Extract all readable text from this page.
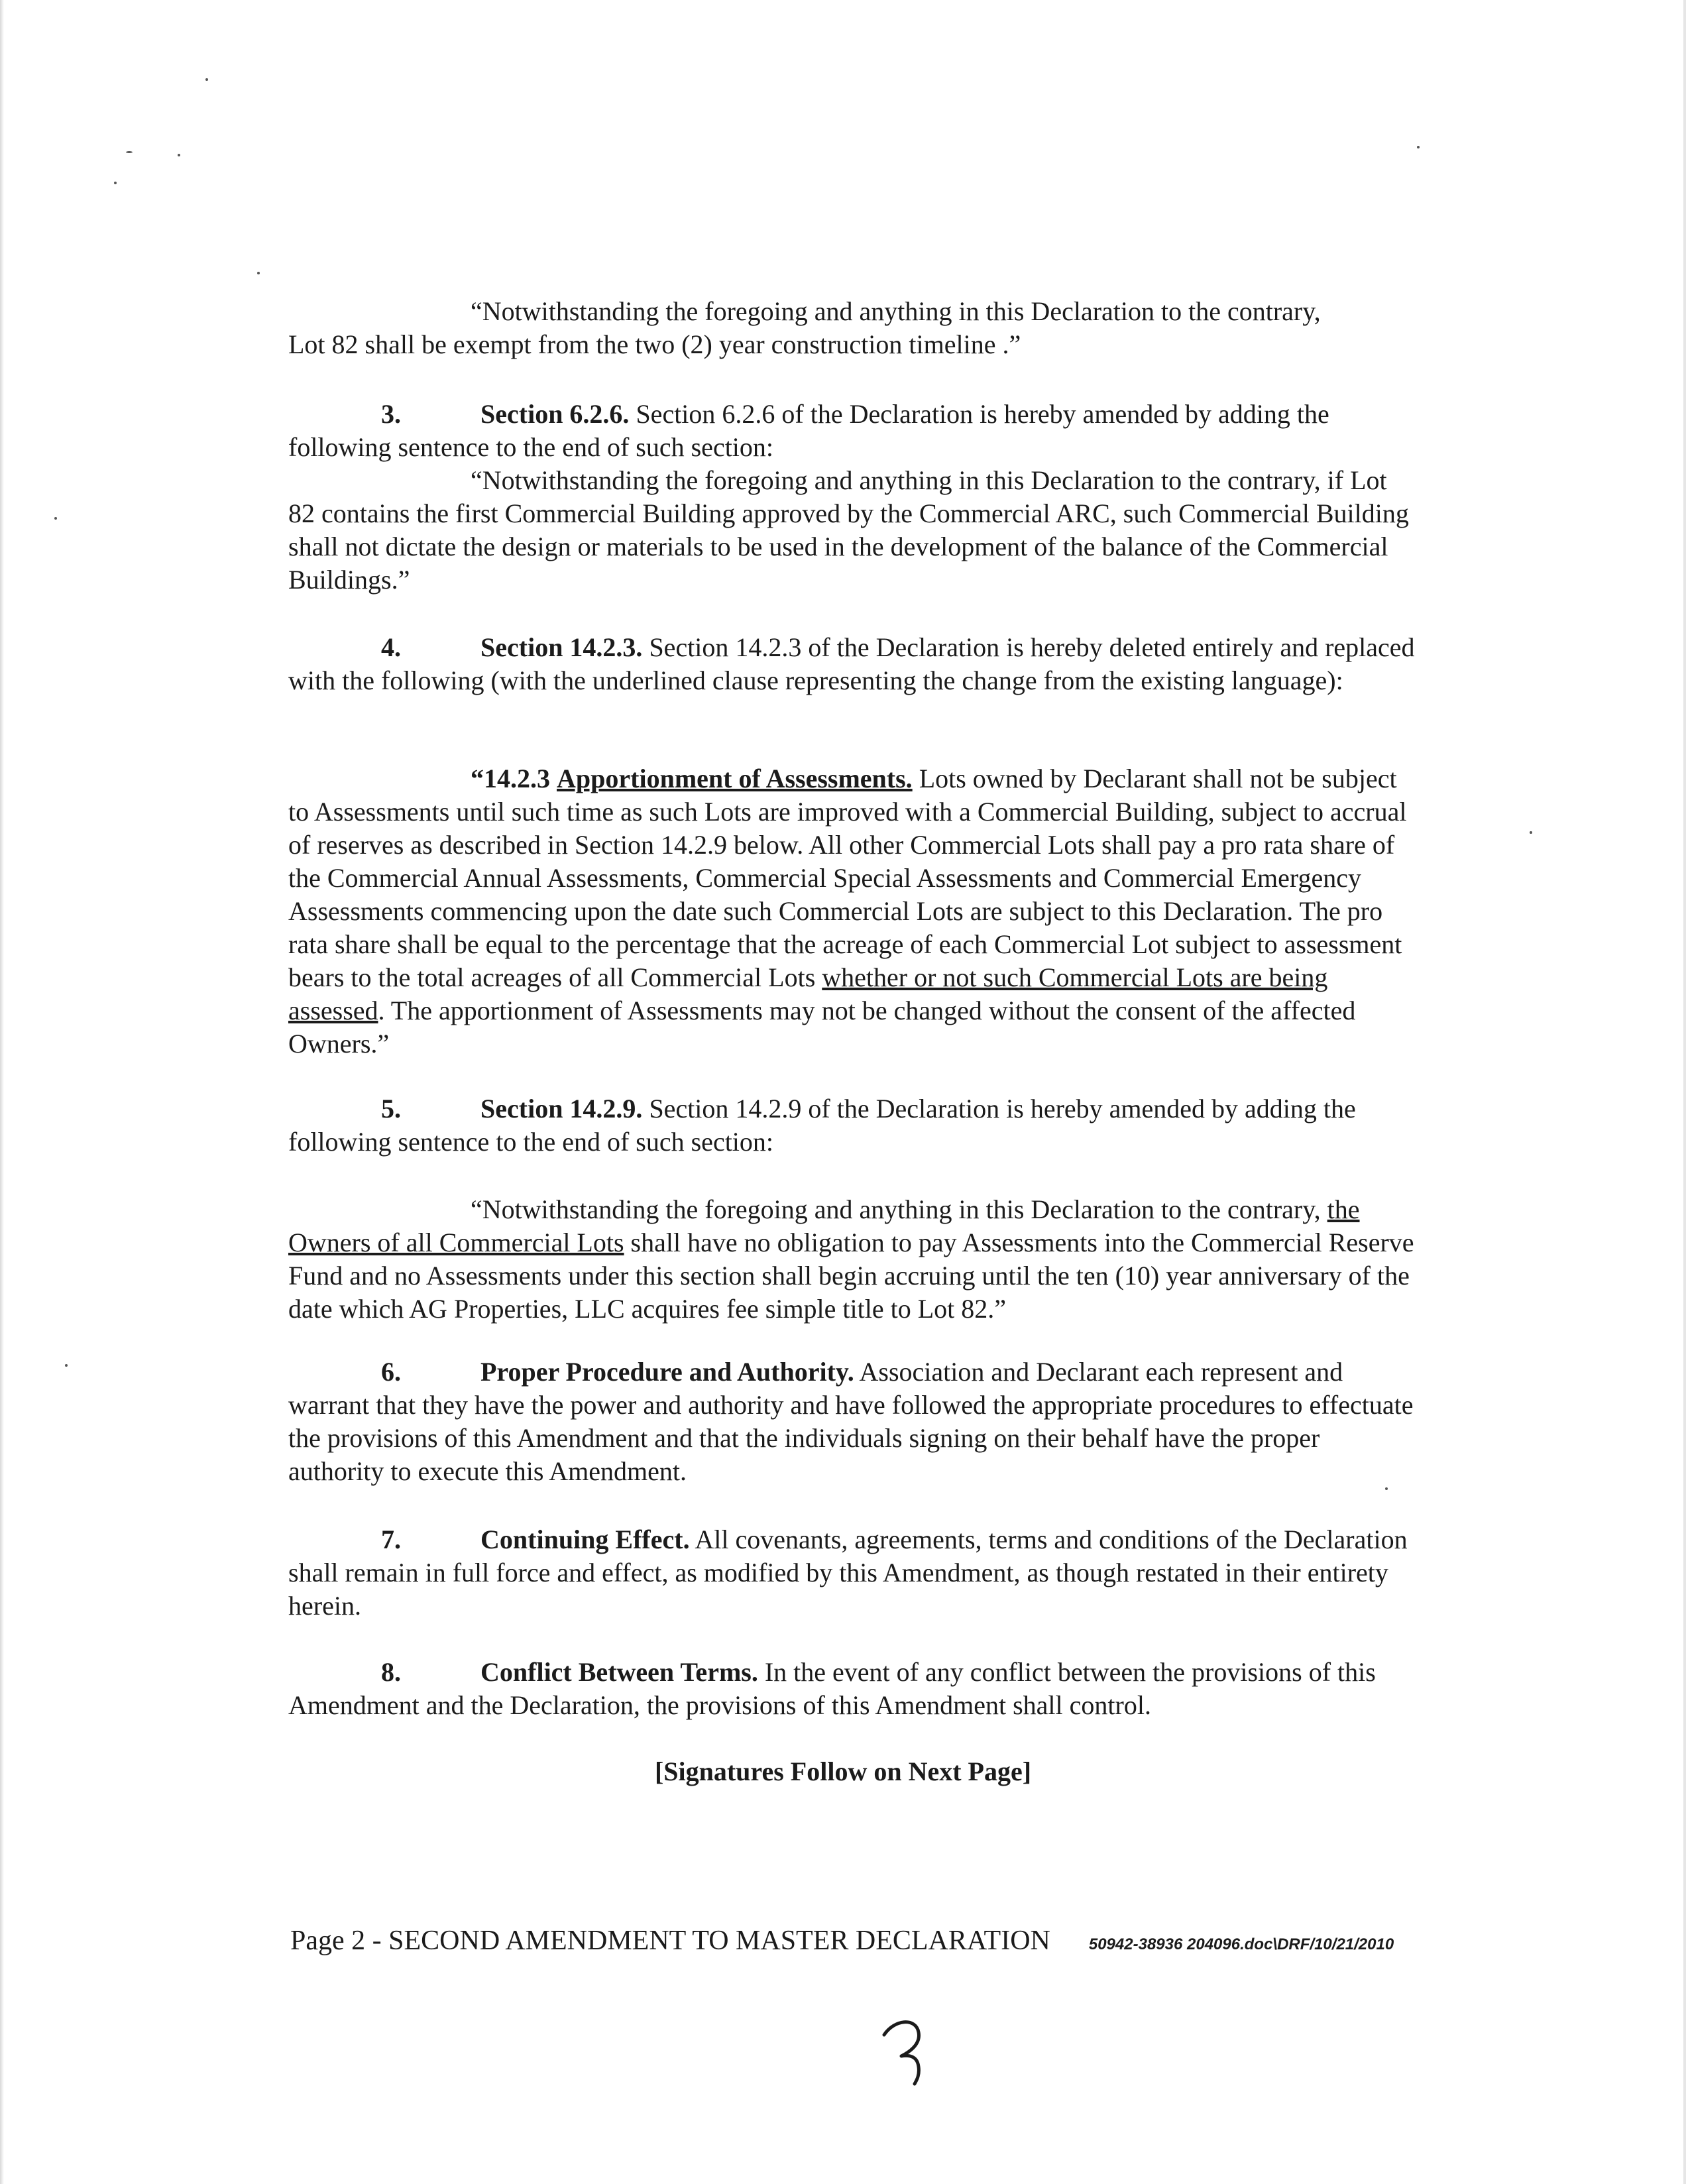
“Notwithstanding the foregoing and anything in this Declaration to the contrary,

Lot 82 shall be exempt from the two (2) year construction timeline .”

3.	Section 6.2.6. Section 6.2.6 of the Declaration is hereby amended by adding the following sentence to the end of such section:

“Notwithstanding the foregoing and anything in this Declaration to the contrary, if Lot 82 contains the first Commercial Building approved by the Commercial ARC, such Commercial Building shall not dictate the design or materials to be used in the development of the balance of the Commercial Buildings.”

4.	Section 14.2.3. Section 14.2.3 of the Declaration is hereby deleted entirely and replaced with the following (with the underlined clause representing the change from the existing language):

“14.2.3 Apportionment of Assessments. Lots owned by Declarant shall not be subject to Assessments until such time as such Lots are improved with a Commercial Building, subject to accrual of reserves as described in Section 14.2.9 below. All other Commercial Lots shall pay a pro rata share of the Commercial Annual Assessments, Commercial Special Assessments and Commercial Emergency Assessments commencing upon the date such Commercial Lots are subject to this Declaration. The pro rata share shall be equal to the percentage that the acreage of each Commercial Lot subject to assessment bears to the total acreages of all Commercial Lots whether or not such Commercial Lots are being assessed. The apportionment of Assessments may not be changed without the consent of the affected Owners.”

5.	Section 14.2.9. Section 14.2.9 of the Declaration is hereby amended by adding the following sentence to the end of such section:

“Notwithstanding the foregoing and anything in this Declaration to the contrary, the Owners of all Commercial Lots shall have no obligation to pay Assessments into the Commercial Reserve Fund and no Assessments under this section shall begin accruing until the ten (10) year anniversary of the date which AG Properties, LLC acquires fee simple title to Lot 82.”

6.	Proper Procedure and Authority. Association and Declarant each represent and warrant that they have the power and authority and have followed the appropriate procedures to effectuate the provisions of this Amendment and that the individuals signing on their behalf have the proper authority to execute this Amendment.

7.	Continuing Effect. All covenants, agreements, terms and conditions of the Declaration shall remain in full force and effect, as modified by this Amendment, as though restated in their entirety herein.

8.	Conflict Between Terms. In the event of any conflict between the provisions of this Amendment and the Declaration, the provisions of this Amendment shall control.

[Signatures Follow on Next Page]
Page 2 - SECOND AMENDMENT TO MASTER DECLARATION 50942-38936 204096.doc\DRF/10/21/2010
